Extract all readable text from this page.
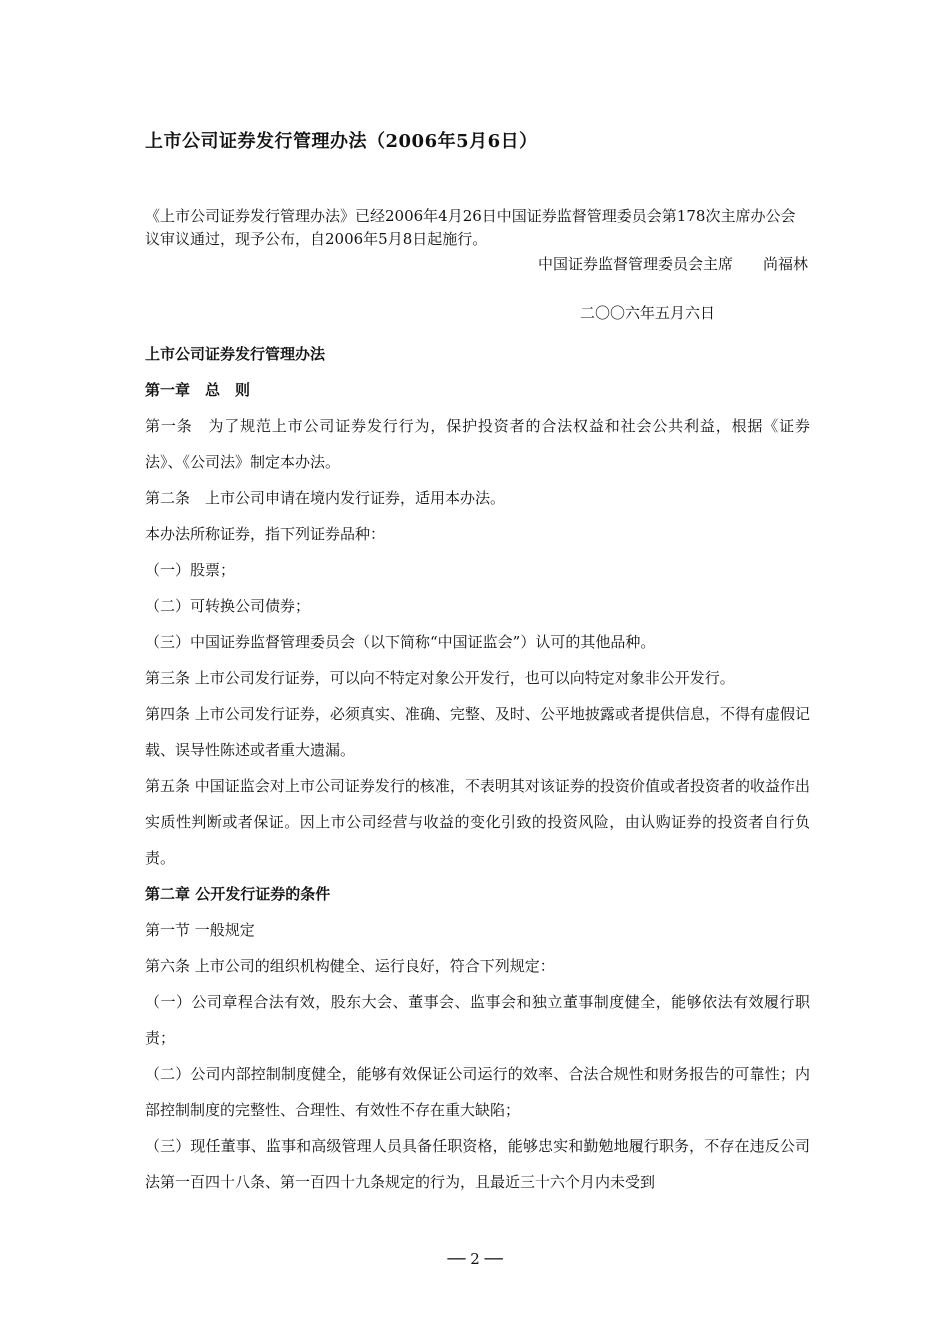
上市公司证券发行管理办法（2006年5月6日）
《上市公司证券发行管理办法》已经2006年4月26日中国证券监督管理委员会第178次主席办公会议审议通过，现予公布，自2006年5月8日起施行。
中国证券监督管理委员会主席　　尚福林
二〇〇六年五月六日

上市公司证券发行管理办法

第一章　总　则

第一条　为了规范上市公司证券发行行为，保护投资者的合法权益和社会公共利益，根据《证券法》、《公司法》制定本办法。

第二条　上市公司申请在境内发行证券，适用本办法。

本办法所称证券，指下列证券品种：

（一）股票；

（二）可转换公司债券；

（三）中国证券监督管理委员会（以下简称“中国证监会”）认可的其他品种。

第三条 上市公司发行证券，可以向不特定对象公开发行，也可以向特定对象非公开发行。

第四条 上市公司发行证券，必须真实、准确、完整、及时、公平地披露或者提供信息，不得有虚假记载、误导性陈述或者重大遗漏。

第五条 中国证监会对上市公司证券发行的核准，不表明其对该证券的投资价值或者投资者的收益作出实质性判断或者保证。因上市公司经营与收益的变化引致的投资风险，由认购证券的投资者自行负责。

第二章 公开发行证券的条件

第一节 一般规定

第六条 上市公司的组织机构健全、运行良好，符合下列规定：

（一）公司章程合法有效，股东大会、董事会、监事会和独立董事制度健全，能够依法有效履行职责；

（二）公司内部控制制度健全，能够有效保证公司运行的效率、合法合规性和财务报告的可靠性；内部控制制度的完整性、合理性、有效性不存在重大缺陷；

（三）现任董事、监事和高级管理人员具备任职资格，能够忠实和勤勉地履行职务，不存在违反公司法第一百四十八条、第一百四十九条规定的行为，且最近三十六个月内未受到

── 2 ──
